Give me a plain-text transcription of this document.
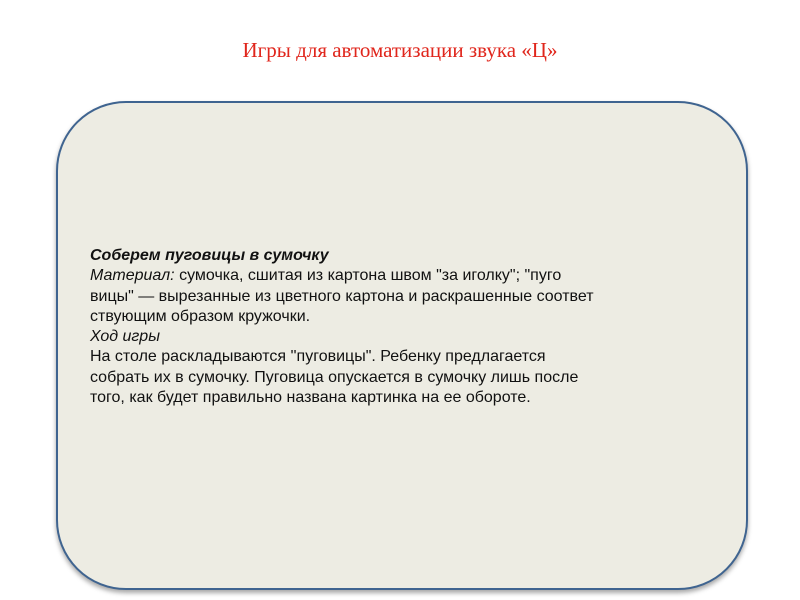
Игры для автоматизации звука «Ц»
Соберем пуговицы в сумочку
Материал: сумочка, сшитая из картона швом "за иголку"; "пуго
вицы" — вырезанные из цветного картона и раскрашенные соответ
ствующим образом кружочки.
Ход игры
На столе раскладываются ''пуговицы". Ребенку предлагается
собрать их в сумочку. Пуговица опускается в сумочку лишь после
того, как будет правильно названа картинка на ее обороте.
